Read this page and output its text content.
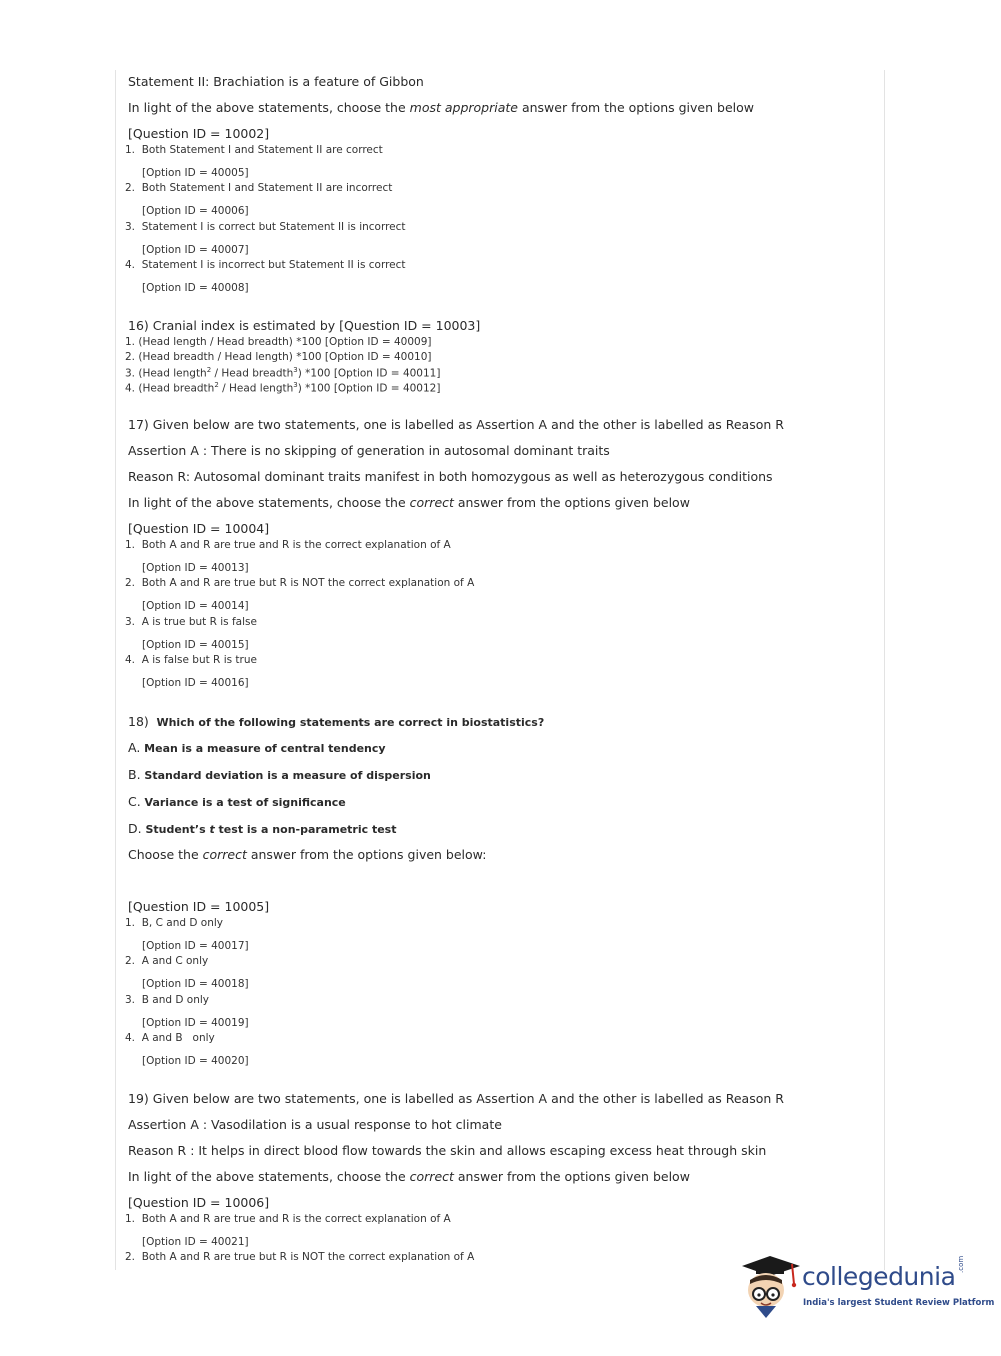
Statement II: Brachiation is a feature of Gibbon
In light of the above statements, choose the most appropriate answer from the options given below
[Question ID = 10002]
1. Both Statement I and Statement II are correct
[Option ID = 40005]
2. Both Statement I and Statement II are incorrect
[Option ID = 40006]
3. Statement I is correct but Statement II is incorrect
[Option ID = 40007]
4. Statement I is incorrect but Statement II is correct
[Option ID = 40008]
16) Cranial index is estimated by [Question ID = 10003]
1. (Head length / Head breadth) *100 [Option ID = 40009]
2. (Head breadth / Head length) *100 [Option ID = 40010]
3. (Head length$^2$ / Head breadth$^3$) *100 [Option ID = 40011]
4. (Head breadth$^2$ / Head length$^3$) *100 [Option ID = 40012]
17) Given below are two statements, one is labelled as Assertion A and the other is labelled as Reason R
Assertion A : There is no skipping of generation in autosomal dominant traits
Reason R: Autosomal dominant traits manifest in both homozygous as well as heterozygous conditions
In light of the above statements, choose the correct answer from the options given below
[Question ID = 10004]
1. Both A and R are true and R is the correct explanation of A
[Option ID = 40013]
2. Both A and R are true but R is NOT the correct explanation of A
[Option ID = 40014]
3. A is true but R is false
[Option ID = 40015]
4. A is false but R is true
[Option ID = 40016]
18) Which of the following statements are correct in biostatistics?
A. Mean is a measure of central tendency
B. Standard deviation is a measure of dispersion
C. Variance is a test of significance
D. Student’s t test is a non-parametric test
Choose the correct answer from the options given below:
[Question ID = 10005]
1. B, C and D only
[Option ID = 40017]
2. A and C only
[Option ID = 40018]
3. B and D only
[Option ID = 40019]
4. A and B   only
[Option ID = 40020]
19) Given below are two statements, one is labelled as Assertion A and the other is labelled as Reason R
Assertion A : Vasodilation is a usual response to hot climate
Reason R : It helps in direct blood flow towards the skin and allows escaping excess heat through skin
In light of the above statements, choose the correct answer from the options given below
[Question ID = 10006]
1. Both A and R are true and R is the correct explanation of A
[Option ID = 40021]
2. Both A and R are true but R is NOT the correct explanation of A
collegedunia .com
India's largest Student Review Platform
